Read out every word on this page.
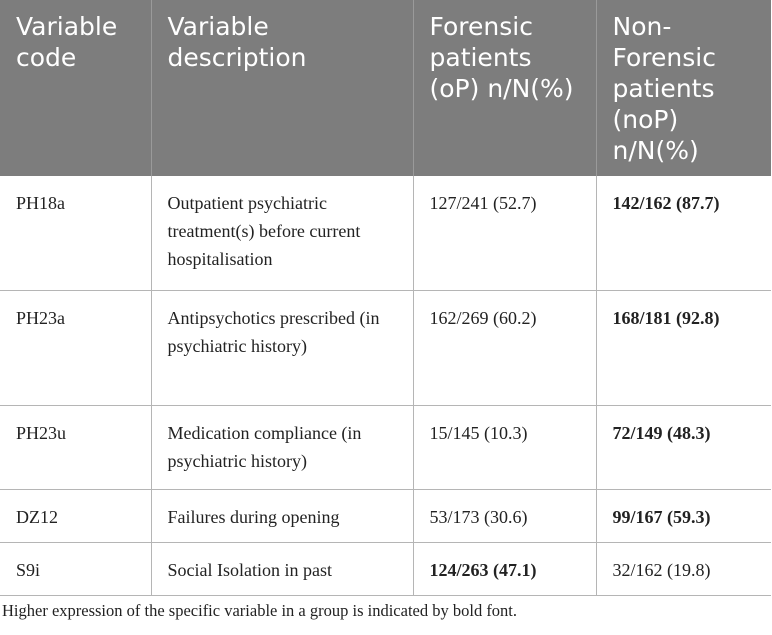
Variable code	Variable description	Forensic patients (oP) n/N(%)	Non-Forensic patients (noP) n/N(%)
PH18a	Outpatient psychiatric treatment(s) before current hospitalisation	127/241 (52.7)	142/162 (87.7)
PH23a	Antipsychotics prescribed (in psychiatric history)	162/269 (60.2)	168/181 (92.8)
PH23u	Medication compliance (in psychiatric history)	15/145 (10.3)	72/149 (48.3)
DZ12	Failures during opening	53/173 (30.6)	99/167 (59.3)
S9i	Social Isolation in past	124/263 (47.1)	32/162 (19.8)
Higher expression of the specific variable in a group is indicated by bold font.
